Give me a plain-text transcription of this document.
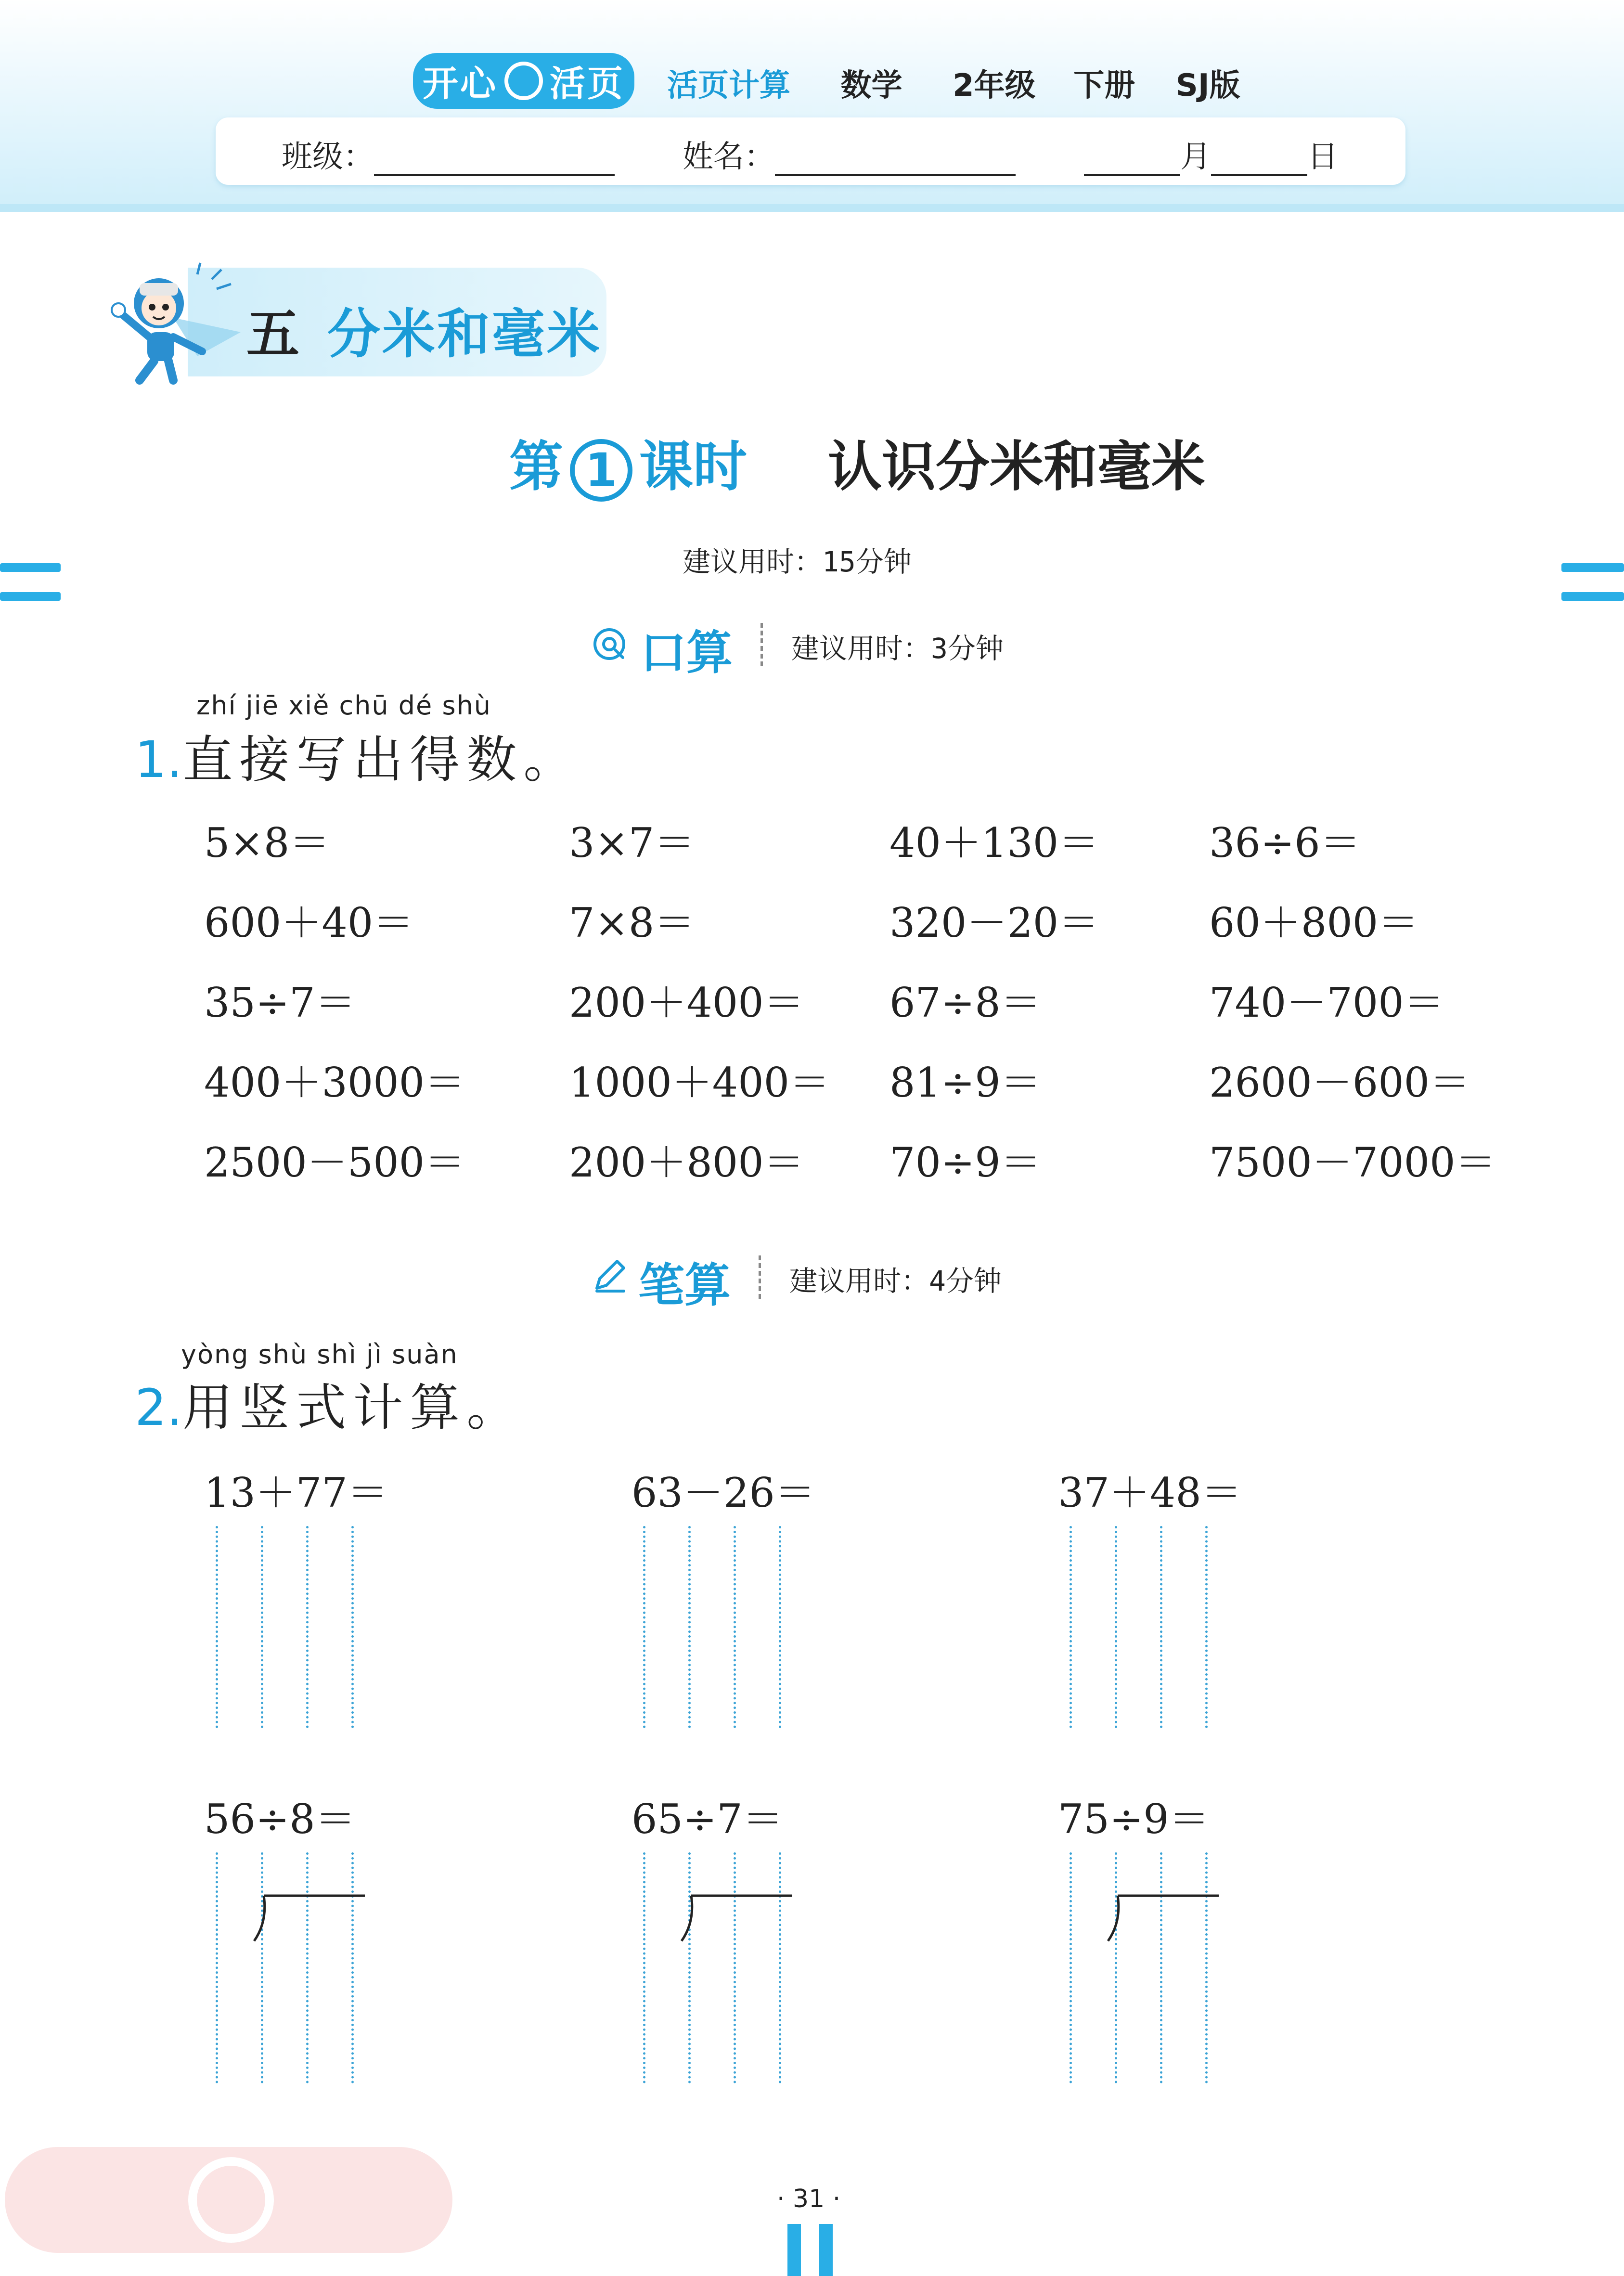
开心 活页 活页计算 数学 2年级 下册 SJ版
班级：	姓名：	月	日
五 分米和毫米
第 1 课时 认识分米和毫米
建议用时：15分钟
口算 建议用时：3分钟
zhí jiē xiě chū dé shù
1.直接写出得数。
5×8＝	3×7＝	40＋130＝	36÷6＝
600＋40＝	7×8＝	320－20＝	60＋800＝
35÷7＝	200＋400＝ 67÷8＝	740－700＝
400＋3000＝	1000＋400＝ 81÷9＝	2600－600＝
2500－500＝	200＋800＝ 70÷9＝	7500－7000＝
笔算 建议用时：4分钟
yòng shù shì jì suàn
2.用竖式计算。
13＋77＝	63－26＝	37＋48＝
56÷8＝	65÷7＝	75÷9＝
· 31 ·
